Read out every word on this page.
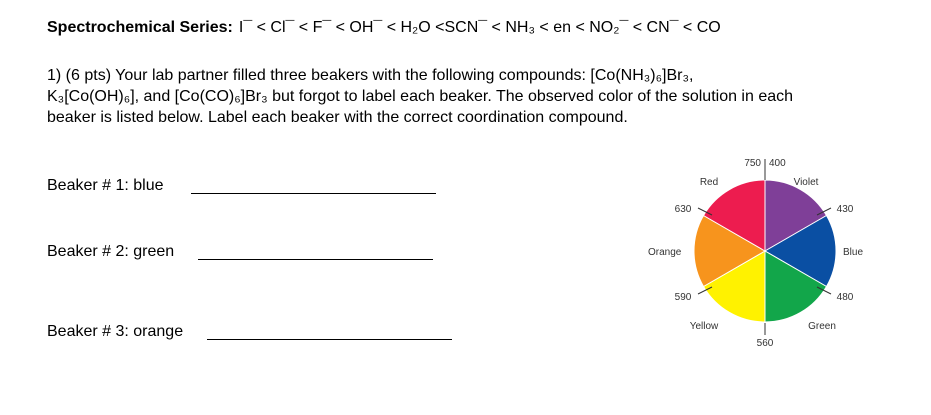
Spectrochemical Series: I¯ < Cl¯ < F¯ < OH¯ < H₂O <SCN¯ < NH₃ < en < NO₂¯ < CN¯ < CO
1) (6 pts) Your lab partner filled three beakers with the following compounds: [Co(NH₃)₆]Br₃,
K₃[Co(OH)₆], and [Co(CO)₆]Br₃ but forgot to label each beaker. The observed color of the solution in each
beaker is listed below. Label each beaker with the correct coordination compound.
Beaker # 1: blue
Beaker # 2: green
Beaker # 3: orange
750 400
Red	Violet
630	430
Orange	Blue
590	480
Yellow	Green
560
